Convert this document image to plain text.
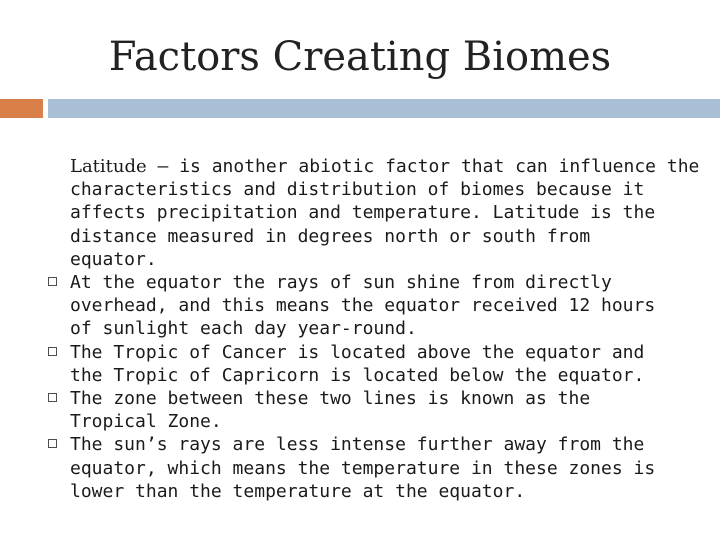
Factors Creating Biomes
Latitude – is another abiotic factor that can influence the
characteristics and distribution of biomes because it
affects precipitation and temperature. Latitude is the
distance measured in degrees north or south from
equator.
At the equator the rays of sun shine from directly
overhead, and this means the equator received 12 hours
of sunlight each day year-round.
The Tropic of Cancer is located above the equator and
the Tropic of Capricorn is located below the equator.
The zone between these two lines is known as the
Tropical Zone.
The sun’s rays are less intense further away from the
equator, which means the temperature in these zones is
lower than the temperature at the equator.
